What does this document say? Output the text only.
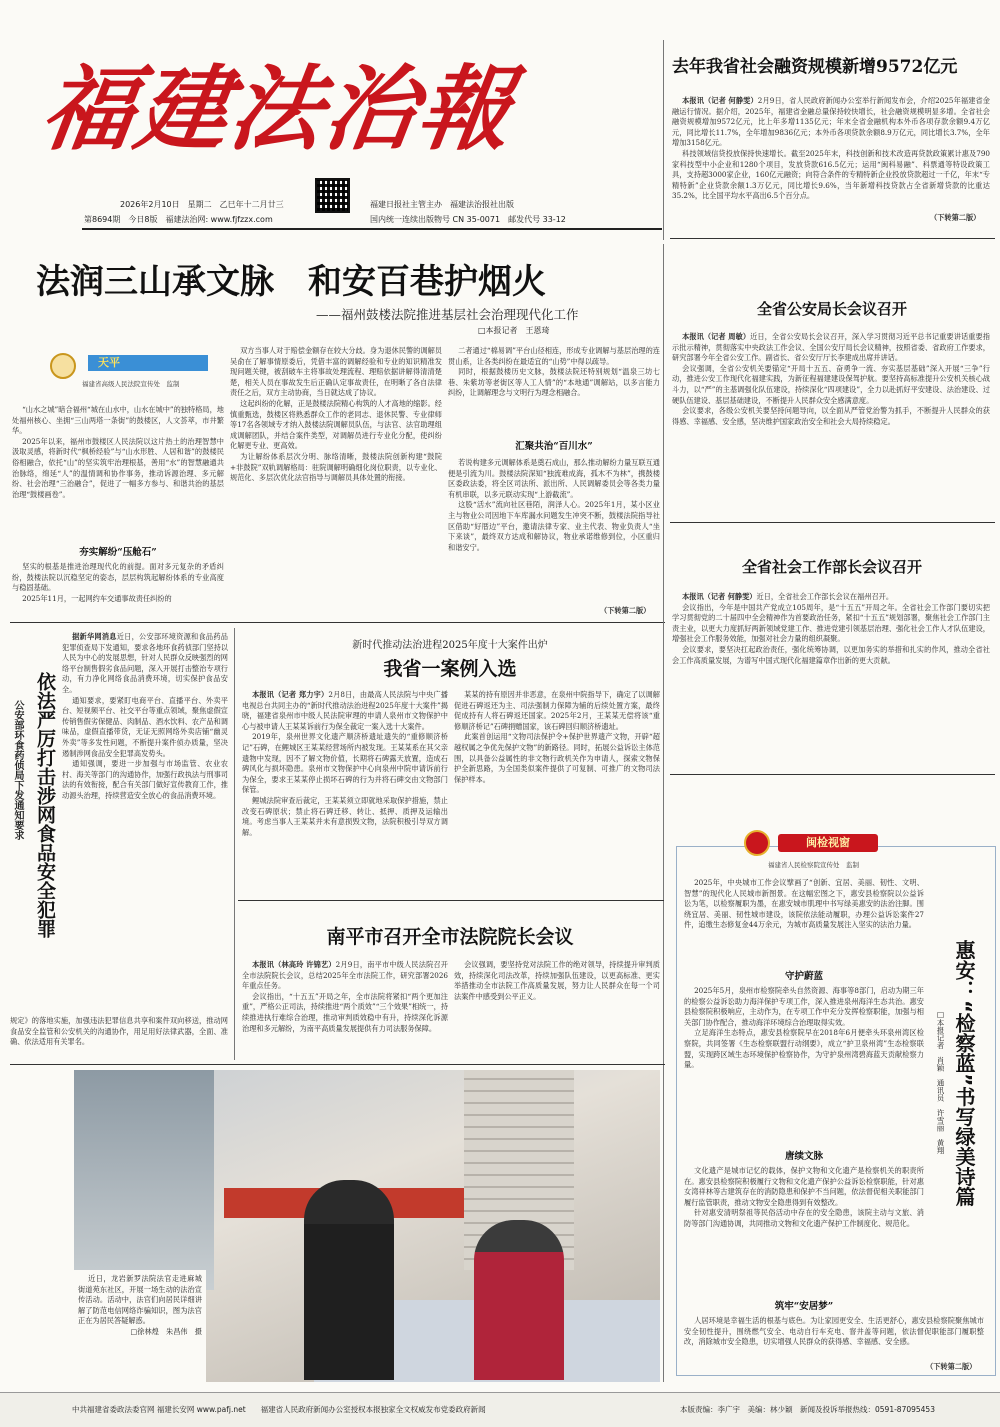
福建法治報
2026年2月10日　星期二　乙巳年十二月廿三
第8694期　今日8版　福建法治网: www.fjfzzx.com
福建日报社主管主办　福建法治报社出版
国内统一连续出版物号 CN 35-0071　邮发代号 33-12
去年我省社会融资规模新增9572亿元

本报讯（记者 何静雯）2月9日，省人民政府新闻办公室举行新闻发布会，介绍2025年福建省金融运行情况。据介绍，2025年，福建省金融总量保持较快增长，社会融资规模明显多增。全省社会融资规模增加9572亿元，比上年多增1135亿元；年末全省金融机构本外币各项存款余额9.4万亿元，同比增长11.7%，全年增加9836亿元；本外币各项贷款余额8.9万亿元，同比增长3.7%，全年增加3158亿元。

科技领域信贷投放保持快速增长。截至2025年末，科技创新和技术改造再贷款政策累计惠及790家科技型中小企业和1280个项目，发放贷款616.5亿元；运用“闽科易融”、科票通等特设政策工具，支持超3000家企业，160亿元融资；向符合条件的专精特新企业投放贷款超过一千亿，年末“专精特新”企业贷款余额1.3万亿元，同比增长9.6%，当年新增科技贷款占全省新增贷款的比重达35.2%，比全国平均水平高出6.5个百分点。

（下转第二版）
法润三山承文脉　和安百巷护烟火
——福州鼓楼法院推进基层社会治理现代化工作
□本报记者　王恩琦
天平
福建省高级人民法院宣传处　监制

“山水之城”暗合福州“城在山水中，山水在城中”的独特格局，地处福州核心、坐拥“三山两塔一条街”的鼓楼区，人文荟萃，市井繁华。

2025年以来，福州市鼓楼区人民法院以这片热土的治理智慧中汲取灵感，将新时代“枫桥经验”与“山水形胜、人居和谐”的鼓楼民俗相融合，依托“山”的坚实筑牢治理根基，善用“水”的智慧融通共治脉络，绵延“人”的温情调和协作事务，推动诉源治理、多元解纷、社会治理“三治融合”，促进了一幅多方参与、和谐共治的基层治理“鼓楼画卷”。

夯实解纷“压舱石”

坚实的根基是推进治理现代化的前提。面对多元复杂的矛盾纠纷，鼓楼法院以沉稳坚定的姿态，层层构筑起解纷体系的专业高度与稳固基础。

2025年11月，一起网约车交通事故责任纠纷的

双方当事人对于赔偿金额存在较大分歧。身为退休民警的调解员吴俞在了解事情原委后，凭借丰富的调解经验和专业的知识精准发现问题关键，被刮破车主将事故处理流程、理赔依据讲解得清清楚楚，相关人员在事故发生后正确认定事故责任，在明晰了各自法律责任之后，双方主动协商，当日就达成了协议。

这起纠纷的化解，正是鼓楼法院精心构筑的人才高地的缩影。经慎重甄选，鼓楼区将熟悉群众工作的老同志、退休民警、专业律师等17名各领域专才纳入鼓楼法院调解员队伍，与法官、法官助理组成调解团队，并结合案件类型，对调解员进行专业化分配，使纠纷化解更专业、更高效。

为让解纷体系层次分明、脉络清晰，鼓楼法院创新构建“鼓院+非鼓院”双轨调解格局：驻院调解明确细化岗位职责，以专业化、规范化、多层次优化法官指导与调解员具体处置的衔接。

二者通过“棉易调”平台山径相连，形成专业调解与基层治理的连贯山系，让各类纠纷在最适宜的“山势”中得以疏导。

同时，根据鼓楼历史文脉，鼓楼法院还特别规划“温泉三坊七巷、朱紫坊等老街区等人工人情”的“本地通”调解站，以多言能力纠纷，让调解理念与文明行为理念相融合。

汇聚共治“百川水”

若说构建多元调解体系是奠石成山，那么推动解纷力量互联互通便是引流为川。鼓楼法院深知“独流难成海，孤木不为林”，携鼓楼区委政法委，将全区司法所、派出所、人民调解委员会等各类力量有机串联，以多元联动实现“上游截流”。

这股“活水”流向社区巷陌，润泽人心。2025年1月，某小区业主与物业公司因地下车库漏水问题发生冲突不断，鼓楼法院指导社区借助“好厝边”平台，邀请法律专家、业主代表、物业负责人“坐下来谈”，最终双方达成和解协议，物业承诺维修到位，小区重归和谐安宁。

（下转第二版）
全省公安局长会议召开

本报讯（记者 周敏）近日，全省公安局长会议召开，深入学习贯彻习近平总书记重要讲话重要指示批示精神，贯彻落实中央政法工作会议、全国公安厅局长会议精神，按照省委、省政府工作要求，研究部署今年全省公安工作。副省长、省公安厅厅长李建成出席并讲话。

会议强调，全省公安机关要锚定“开局十五五、奋勇争一流、夯实基层基础”深入开展“三争”行动，推进公安工作现代化福建实践，为新征程福建建设保驾护航。要坚持高标准提升公安机关核心战斗力，以“严”的主基调强化队伍建设，持续深化“四项建设”，全力以赴抓好平安建设、法治建设、过硬队伍建设、基层基础建设，不断提升人民群众安全感满意度。

会议要求，各级公安机关要坚持问题导向，以全面从严管党治警为抓手，不断提升人民群众的获得感、幸福感、安全感，坚决维护国家政治安全和社会大局持续稳定。

全省社会工作部长会议召开

本报讯（记者 何静雯）近日，全省社会工作部长会议在福州召开。

会议指出，今年是中国共产党成立105周年，是“十五五”开局之年。全省社会工作部门要切实把学习贯彻党的二十届四中全会精神作为首要政治任务，紧扣“十五五”规划部署，聚焦社会工作部门主责主业，以更大力度抓好两新领域党建工作、推进党建引领基层治理、强化社会工作人才队伍建设，增强社会工作服务效能，加强对社会力量的组织凝聚。

会议要求，要坚决扛起政治责任，强化统筹协调，以更加务实的举措和扎实的作风，推动全省社会工作高质量发展，为谱写中国式现代化福建篇章作出新的更大贡献。

依法严厉打击涉网食品安全犯罪
公安部环食药侦局下发通知要求

据新华网消息近日，公安部环境资源和食品药品犯罪侦查局下发通知，要求各地环食药侦部门坚持以人民为中心的发展思想，针对人民群众反映强烈的网络平台制售假劣食品问题，深入开展打击整治专项行动，有力净化网络食品消费环境，切实保护食品安全。

通知要求，要紧盯电商平台、直播平台、外卖平台、短视频平台、社交平台等重点领域，聚焦虚假宣传销售假劣保健品、肉制品、酒水饮料、农产品和调味品，虚假直播带货，无证无照网络外卖店铺“幽灵外卖”等多发性问题，不断提升案件侦办质量，坚决遏制涉网食品安全犯罪高发势头。

通知强调，要进一步加强与市场监管、农业农村、海关等部门的沟通协作，加强行政执法与刑事司法的有效衔接，配合有关部门做好宣传教育工作，推动源头治理，持续营造安全放心的食品消费环境。

规定》的落地实施，加强违法犯罪信息共享和案件双向移送，推动网食品安全监管和公安机关的沟通协作，用足用好法律武器，全面、准确、依法适用有关罪名。
新时代推动法治进程2025年度十大案件出炉
我省一案例入选

本报讯（记者 郑力宇）2月8日，由最高人民法院与中央广播电视总台共同主办的“新时代推动法治进程2025年度十大案件”揭晓，福建省泉州市中级人民法院审理的申请人泉州市文物保护中心与被申请人王某某诉前行为保全裁定一案入选十大案件。

2019年，泉州世界文化遗产顺济桥遗址遗失的“重修顺济桥记”石碑，在鲤城区王某某经营场所内被发现。王某某系在其父亲遗物中发现，因不了解文物价值，长期将石碑露天放置，造成石碑风化与损坏隐患。泉州市文物保护中心向泉州中院申请诉前行为保全，要求王某某停止损坏石碑的行为并将石碑交由文物部门保管。

鲤城法院审查后裁定，王某某须立即就地采取保护措施，禁止改变石碑原状；禁止将石碑迁移、转让、抵押、质押及运输出境。考虑当事人王某某并未有意损毁文物，法院积极引导双方调解。

某某的持有原因并非恶意，在泉州中院指导下，确定了以调解促进石碑返还为主、司法强制力保障为辅的后续处置方案，最终促成持有人将石碑返还国家。2025年2月，王某某无偿将该“重修顺济桥记”石碑捐赠国家，该石碑回归顺济桥遗址。

此案首创运用“文物司法保护令+保护世界遗产文物，开辟“超越权属之争优先保护文物”的新路径。同时，拓展公益诉讼主体范围，以具备公益属性的非文物行政机关作为申请人，探索文物保护全新思路，为全国类似案件提供了可复制、可推广的文物司法保护样本。

南平市召开全市法院院长会议

本报讯（林高玲 许锦艺）2月9日，南平市中级人民法院召开全市法院院长会议，总结2025年全市法院工作，研究部署2026年重点任务。

会议指出，“十五五”开局之年，全市法院将紧扣“两个更加注重”，严格公正司法，持续推进“两个质效”“三个效果”相统一，持续推进执行难综合治理，推动审判质效稳中有升，持续深化诉源治理和多元解纷，为南平高质量发展提供有力司法服务保障。

会议强调，要坚持党对法院工作的绝对领导，持续提升审判质效，持续深化司法改革，持续加强队伍建设，以更高标准、更实举措推动全市法院工作高质量发展，努力让人民群众在每一个司法案件中感受到公平正义。

近日，龙岩新罗法院法官走进麻城街道苑东社区，开展一场生动的法治宣传活动。活动中，法官们向居民详细讲解了防范电信网络诈骗知识，图为法官正在为居民答疑解惑。

□徐林煌　朱昌伟　摄

闽检视窗
福建省人民检察院宣传处　监制
惠安：“检察蓝”书写绿美诗篇
□本报记者　肖颖　通讯员　许雪丽　黄翔

2025年，中央城市工作会议擘画了“创新、宜居、美丽、韧性、文明、智慧”的现代化人民城市新图景。在这幅宏图之下，惠安县检察院以公益诉讼为笔，以检察履职为墨，在惠安城市肌理中书写绿美惠安的法治注脚。围绕宜居、美丽、韧性城市建设，该院依法能动履职，办理公益诉讼案件27件，追缴生态修复金44万余元，为城市高质量发展注入坚实的法治力量。

守护蔚蓝

2025年5月，泉州市检察院牵头自然资源、海事等8部门，启动为期三年的检察公益诉讼助力海洋保护专项工作，深入推进泉州海洋生态共治。惠安县检察院积极响应，主动作为，在专项工作中充分发挥检察职能，加强与相关部门协作配合，推动海洋环境综合治理取得实效。

立足海洋生态特点，惠安县检察院早在2018年6月便牵头环泉州湾区检察院，共同签署《生态检察联盟行动纲要》，成立“护卫泉州湾”生态检察联盟，实现跨区域生态环境保护检察协作，为守护泉州湾碧海蓝天贡献检察力量。

唐续文脉

文化遗产是城市记忆的载体，保护文物和文化遗产是检察机关的职责所在。惠安县检察院积极履行文物和文化遗产保护公益诉讼检察职能，针对惠女湾祥林等古建筑存在的消防隐患和保护不当问题，依法督促相关职能部门履行监管职责，推动文物安全隐患得到有效整改。

针对惠安清明祭祖等民俗活动中存在的安全隐患，该院主动与文旅、消防等部门沟通协调，共同推动文物和文化遗产保护工作制度化、规范化。

筑牢“安居梦”

人居环境是幸福生活的根基与底色。为让家园更安全、生活更舒心，惠安县检察院聚焦城市安全韧性提升，围绕燃气安全、电动自行车充电、窨井盖等问题，依法督促职能部门履职整改，消除城市安全隐患，切实增强人民群众的获得感、幸福感、安全感。

（下转第二版）
中共福建省委政法委官网 福建长安网 www.pafj.net　　福建省人民政府新闻办公室授权本报独家全文权威发布党委政府新闻	本版责编：李广宇　美编：林少颖　新闻及投诉举报热线：0591-87095453
